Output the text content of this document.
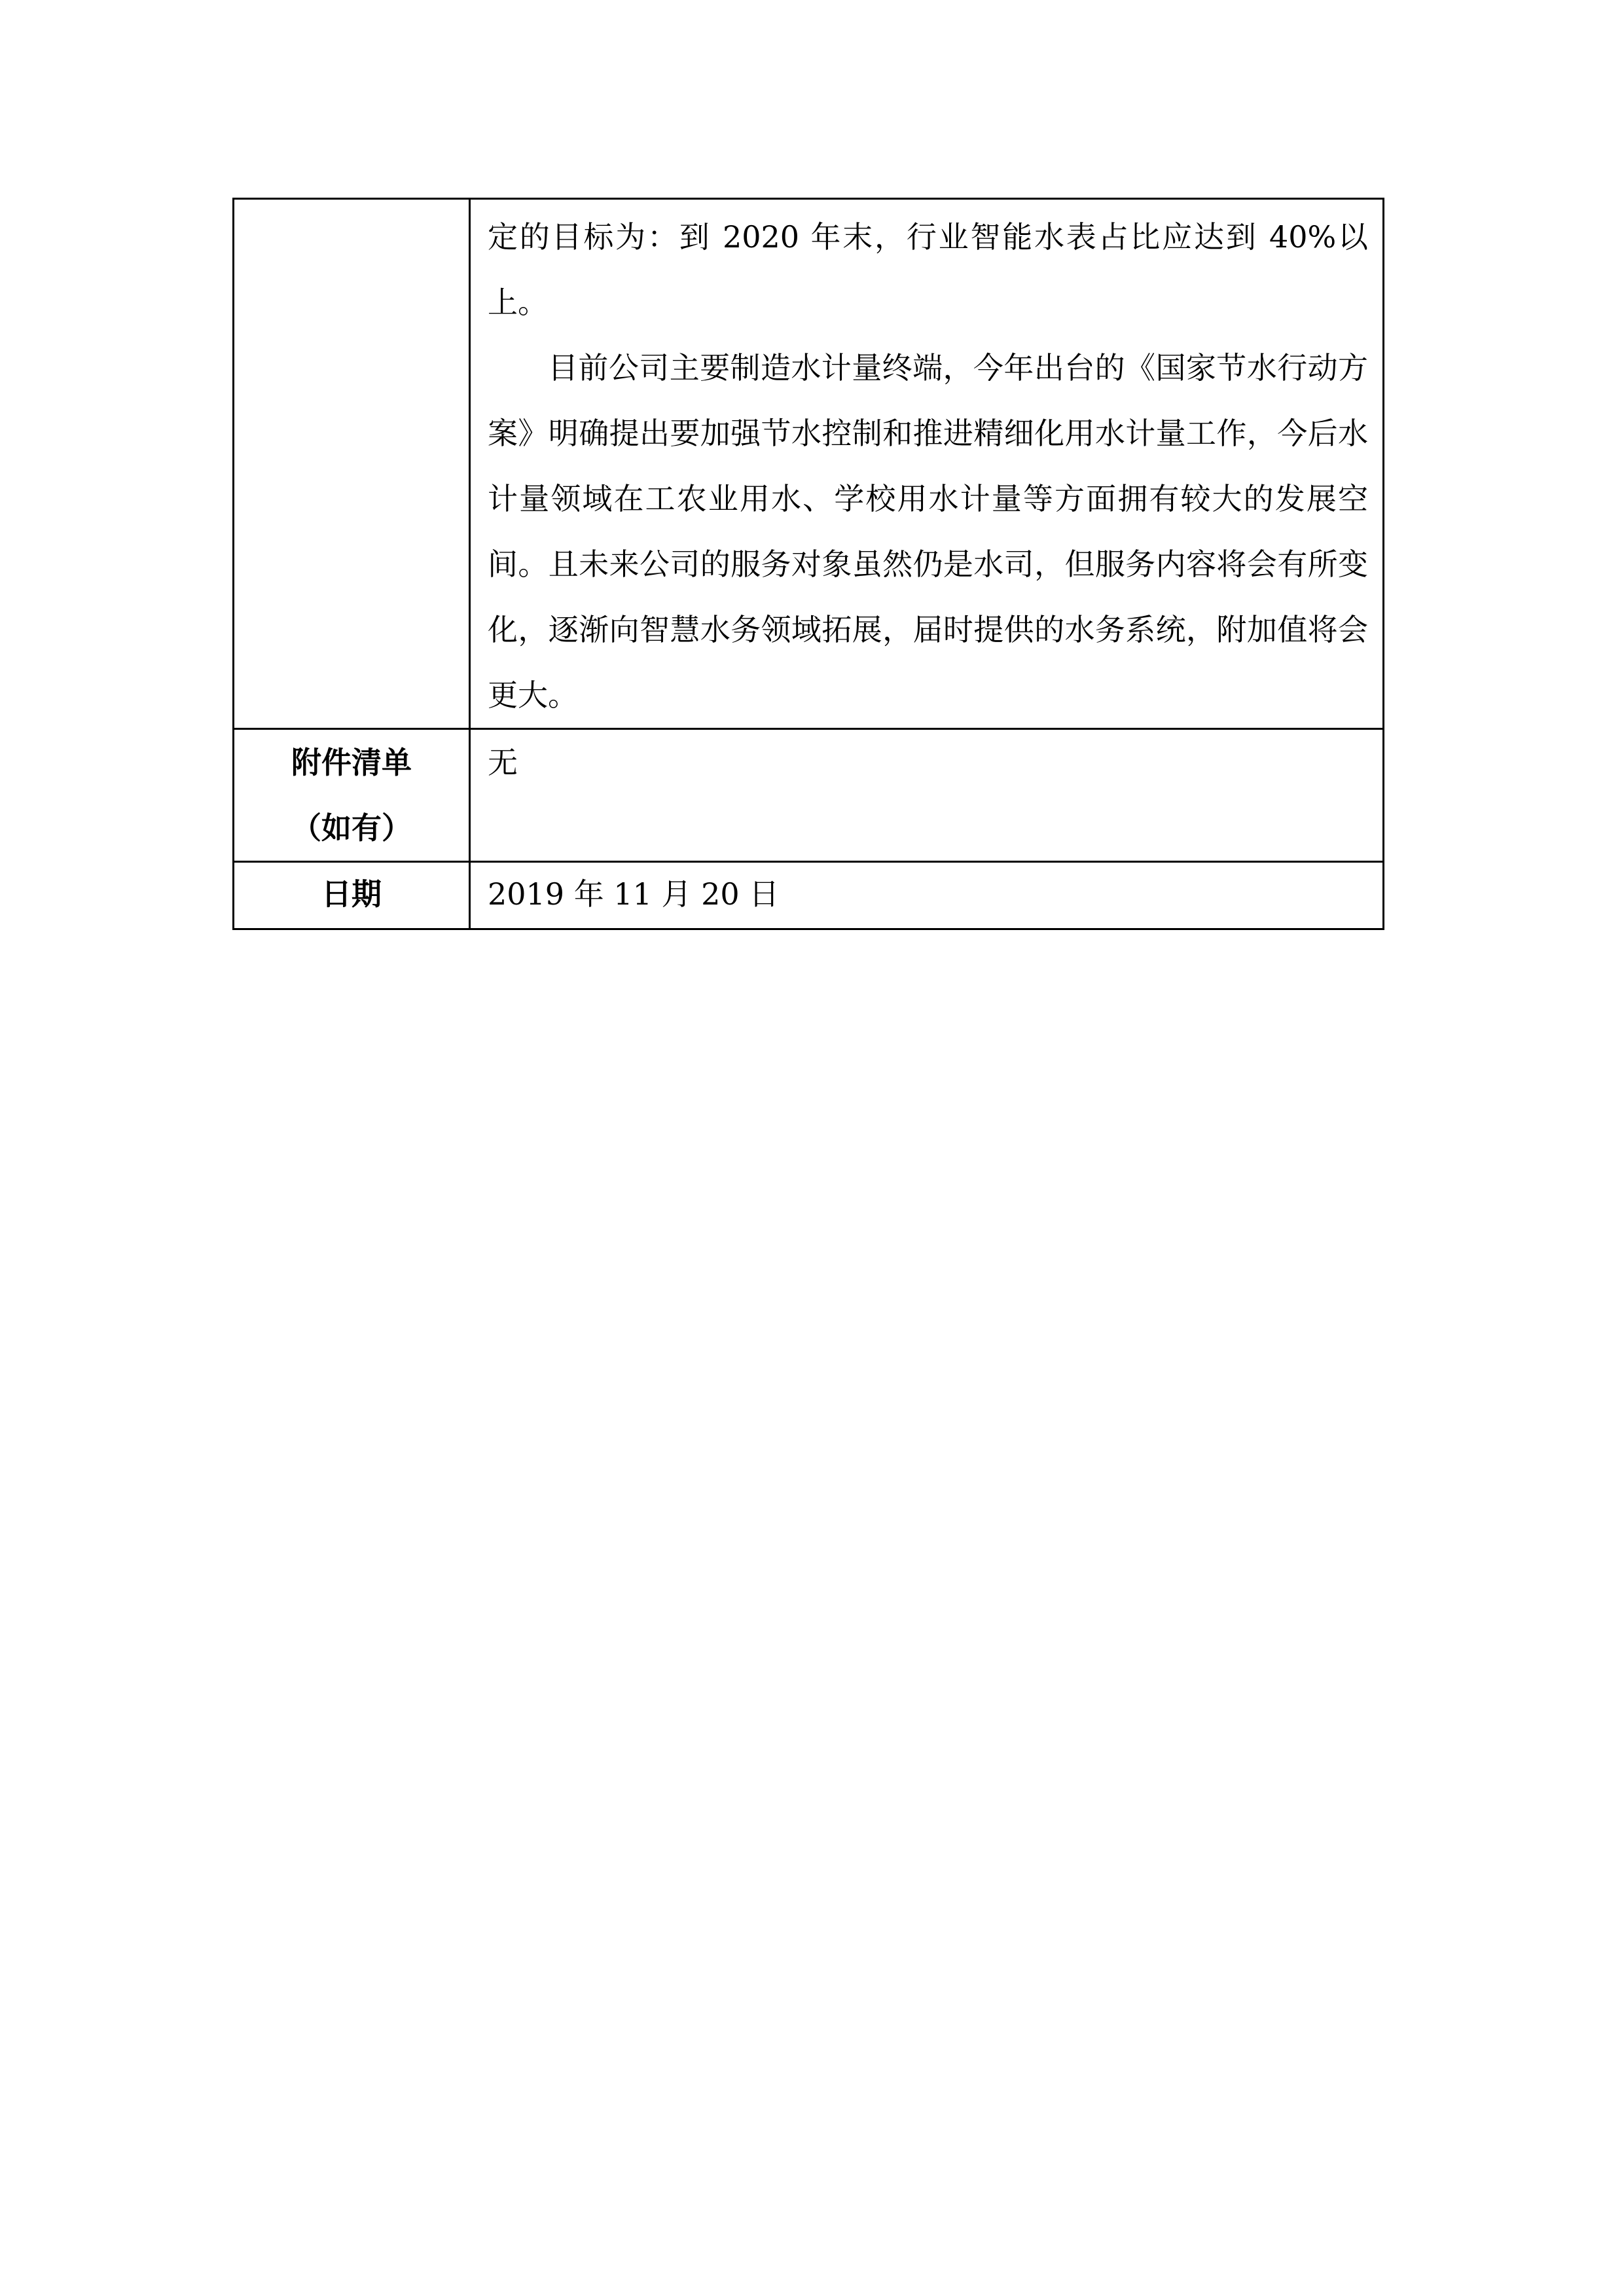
	定的目标为：到 2020 年末，行业智能水表占比应达到 40%以上。

目前公司主要制造水计量终端，今年出台的《国家节水行动方案》明确提出要加强节水控制和推进精细化用水计量工作，今后水计量领域在工农业用水、学校用水计量等方面拥有较大的发展空间。且未来公司的服务对象虽然仍是水司，但服务内容将会有所变化，逐渐向智慧水务领域拓展，届时提供的水务系统，附加值将会更大。

附件清单
（如有）	无
日期	2019 年 11 月 20 日
